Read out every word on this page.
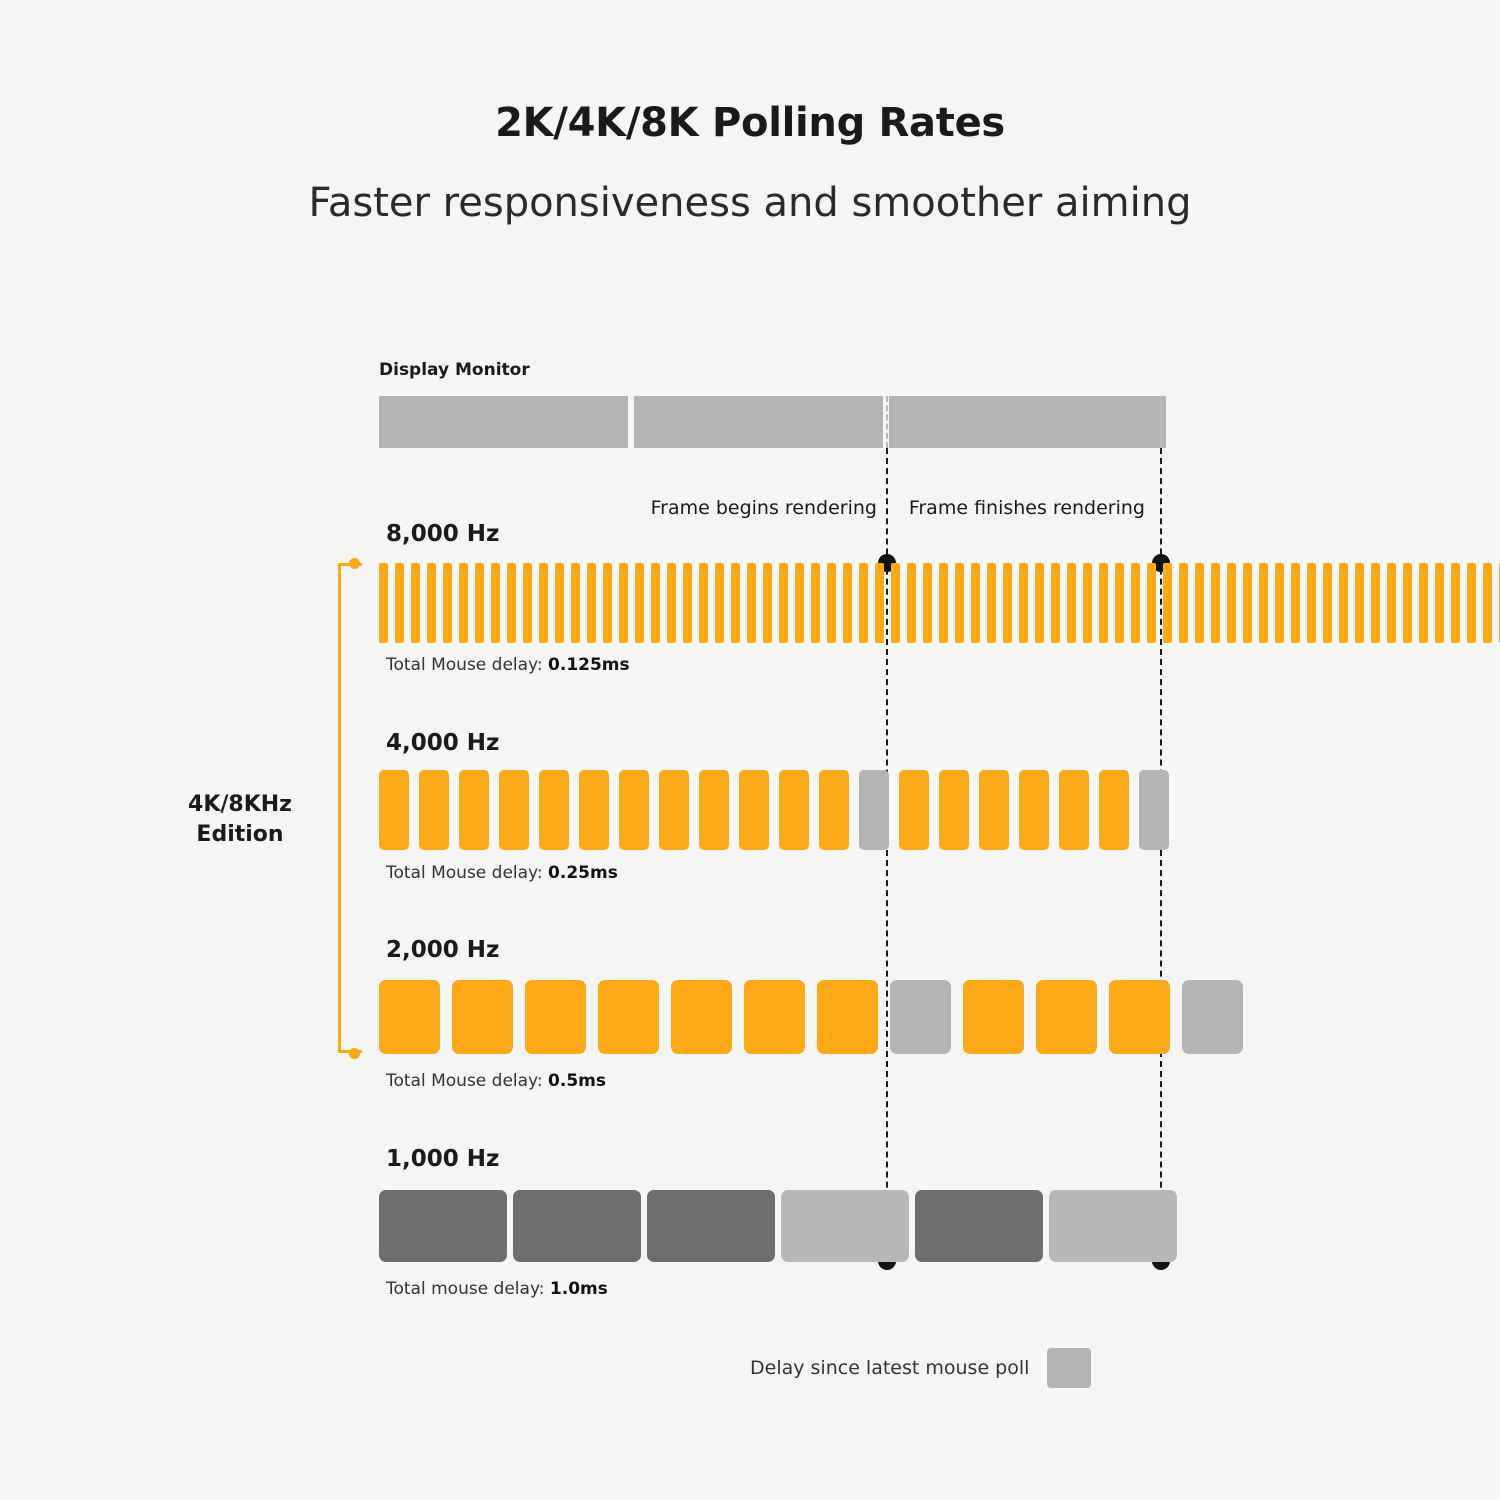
2K/4K/8K Polling Rates
Faster responsiveness and smoother aiming
Display Monitor
Frame begins rendering Frame finishes rendering
4K/8KHz Edition
8,000 Hz
Total Mouse delay: 0.125ms
4,000 Hz
Total Mouse delay: 0.25ms
2,000 Hz
Total Mouse delay: 0.5ms
1,000 Hz
Total mouse delay: 1.0ms
Delay since latest mouse poll
